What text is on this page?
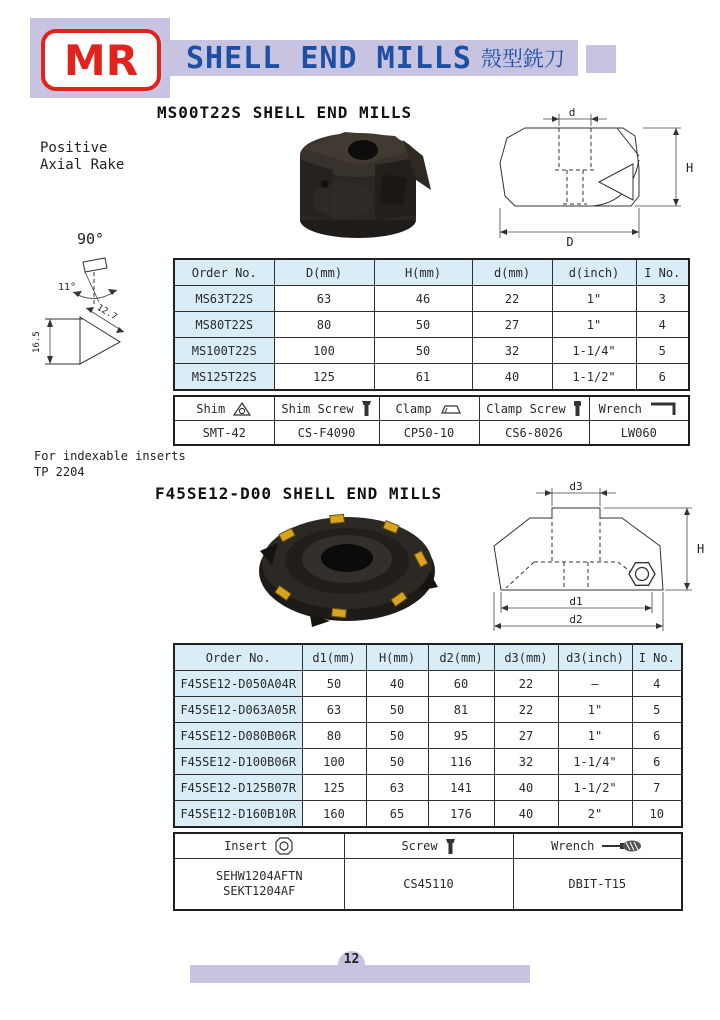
MR SHELL END MILLS 殼型銑刀
MS00T22S SHELL END MILLS
Positive
Axial Rake
90°
11°
16.5
12.7
For indexable inserts
TP 2204
d
H
D
Order No.	D(mm)	H(mm)	d(mm)	d(inch)	I No.
MS63T22S	63	46	22	1"	3
MS80T22S	80	50	27	1"	4
MS100T22S	100	50	32	1-1/4"	5
MS125T22S	125	61	40	1-1/2"	6
Shim	Shim Screw	Clamp	Clamp Screw	Wrench

SMT-42	CS-F4090	CP50-10	CS6-8026	LW060
F45SE12-D00 SHELL END MILLS	d3
H
d1
d2
Order No.	d1(mm)	H(mm)	d2(mm)	d3(mm)	d3(inch)	I No.
F45SE12-D050A04R	50	40	60	22	—	4
F45SE12-D063A05R	63	50	81	22	1"	5
F45SE12-D080B06R	80	50	95	27	1"	6
F45SE12-D100B06R	100	50	116	32	1-1/4"	6
F45SE12-D125B07R	125	63	141	40	1-1/2"	7
F45SE12-D160B10R	160	65	176	40	2"	10
Insert	Screw	Wrench

SEHW1204AFTN
SEKT1204AF	CS45110	DBIT-T15
12
